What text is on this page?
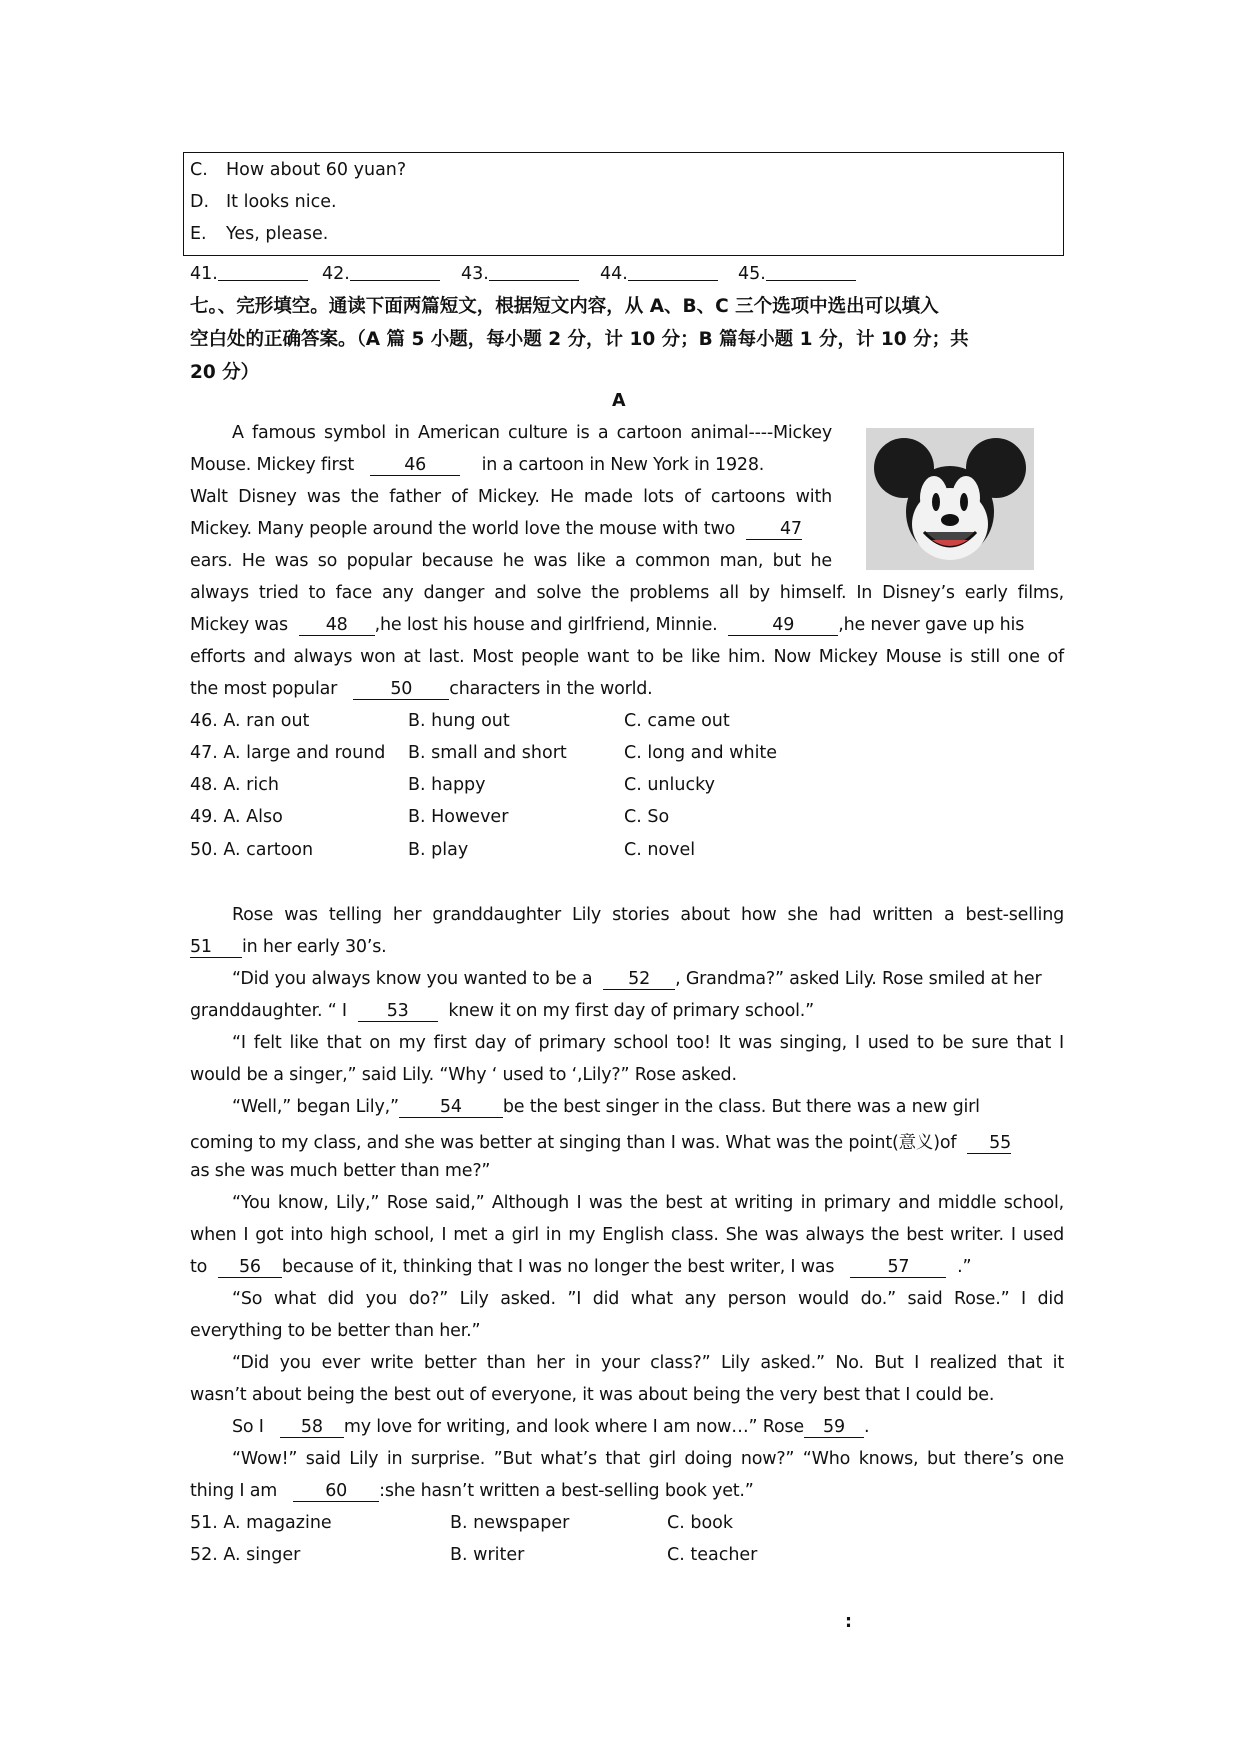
C. How about 60 yuan?
D. It looks nice.
E. Yes, please.
41.	42.	43.	44.	45.
七。、完形填空。通读下面两篇短文，根据短文内容，从 A、B、C 三个选项中选出可以填入
空白处的正确答案。（A 篇 5 小题，每小题 2 分，计 10 分；B 篇每小题 1 分，计 10 分；共
20 分）
A
A famous symbol in American culture is a cartoon animal----Mickey
Mouse. Mickey first	46	in a cartoon in New York in 1928.
Walt Disney was the father of Mickey. He made lots of cartoons with
Mickey. Many people around the world love the mouse with two	47
ears. He was so popular because he was like a common man, but he
always tried to face any danger and solve the problems all by himself. In Disney’s early films,
Mickey was 48 ,he lost his house and girlfriend, Minnie.	49	,he never gave up his
efforts and always won at last. Most people want to be like him. Now Mickey Mouse is still one of
the most popular	50 characters in the world.
46. A. ran out	B. hung out	C. came out
47. A. large and round B. small and short	C. long and white
48. A. rich	B. happy	C. unlucky
49. A. Also	B. However	C. So
50. A. cartoon	B. play	C. novel
Rose was telling her granddaughter Lily stories about how she had written a best-selling
51 in her early 30’s.
“Did you always know you wanted to be a 52 , Grandma?” asked Lily. Rose smiled at her
granddaughter. “ I 53 knew it on my first day of primary school.”
“I felt like that on my first day of primary school too! It was singing, I used to be sure that I
would be a singer,” said Lily. “Why ‘ used to ‘,Lily?” Rose asked.
“Well,” began Lily,” 54 be the best singer in the class. But there was a new girl
coming to my class, and she was better at singing than I was. What was the point(意义)of 55
as she was much better than me?”
“You know, Lily,” Rose said,” Although I was the best at writing in primary and middle school,
when I got into high school, I met a girl in my English class. She was always the best writer. I used
to 56 because of it, thinking that I was no longer the best writer, I was	57	.”
“So what did you do?” Lily asked. ”I did what any person would do.” said Rose.” I did
everything to be better than her.”
“Did you ever write better than her in your class?” Lily asked.” No. But I realized that it
wasn’t about being the best out of everyone, it was about being the very best that I could be.
So I 58 my love for writing, and look where I am now…” Rose 59 .
“Wow!” said Lily in surprise. ”But what’s that girl doing now?” “Who knows, but there’s one
thing I am	60 :she hasn’t written a best-selling book yet.”
51. A. magazine	B. newspaper	C. book
52. A. singer	B. writer	C. teacher
:
